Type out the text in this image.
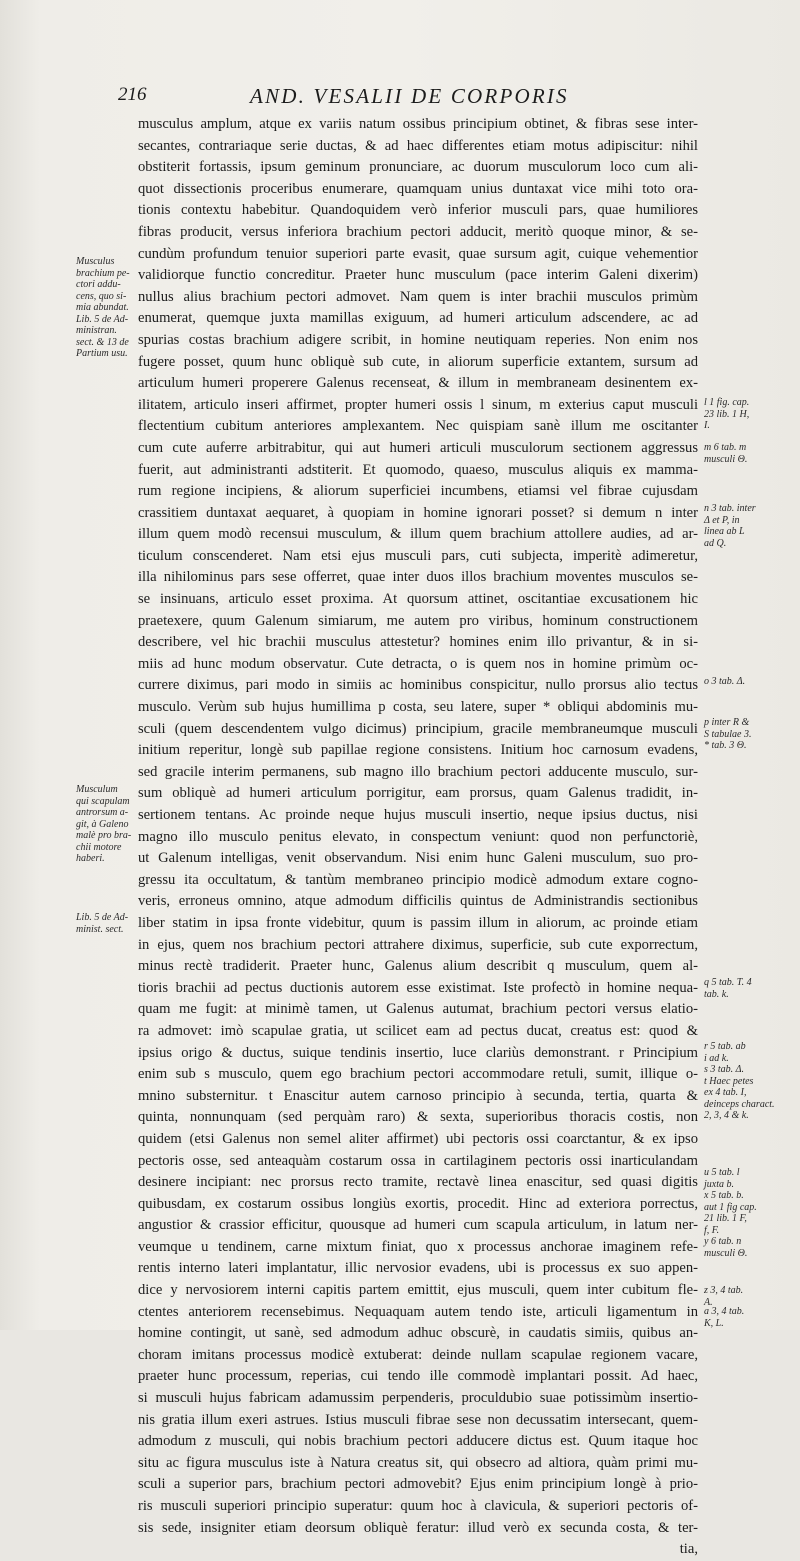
216	AND. VESALII DE CORPORIS
musculus amplum, atque ex variis natum ossibus principium obtinet, & fibras sese inter-
secantes, contrariaque serie ductas, & ad haec differentes etiam motus adipiscitur: nihil
obstiterit fortassis, ipsum geminum pronunciare, ac duorum musculorum loco cum ali-
quot dissectionis proceribus enumerare, quamquam unius duntaxat vice mihi toto ora-
tionis contextu habebitur. Quandoquidem verò inferior musculi pars, quae humiliores
fibras producit, versus inferiora brachium pectori adducit, meritò quoque minor, & se-
cundùm profundum tenuior superiori parte evasit, quae sursum agit, cuique vehementior
validiorque functio concreditur. Praeter hunc musculum (pace interim Galeni dixerim)
nullus alius brachium pectori admovet. Nam quem is inter brachii musculos primùm
enumerat, quemque juxta mamillas exiguum, ad humeri articulum adscendere, ac ad
spurias costas brachium adigere scribit, in homine neutiquam reperies. Non enim nos
fugere posset, quum hunc obliquè sub cute, in aliorum superficie extantem, sursum ad
articulum humeri properere Galenus recenseat, & illum in membraneam desinentem ex-
ilitatem, articulo inseri affirmet, propter humeri ossis l sinum, m exterius caput musculi
flectentium cubitum anteriores amplexantem. Nec quispiam sanè illum me oscitanter
cum cute auferre arbitrabitur, qui aut humeri articuli musculorum sectionem aggressus
fuerit, aut administranti adstiterit. Et quomodo, quaeso, musculus aliquis ex mamma-
rum regione incipiens, & aliorum superficiei incumbens, etiamsi vel fibrae cujusdam
crassitiem duntaxat aequaret, à quopiam in homine ignorari posset? si demum n inter
illum quem modò recensui musculum, & illum quem brachium attollere audies, ad ar-
ticulum conscenderet. Nam etsi ejus musculi pars, cuti subjecta, imperitè adimeretur,
illa nihilominus pars sese offerret, quae inter duos illos brachium moventes musculos se-
se insinuans, articulo esset proxima. At quorsum attinet, oscitantiae excusationem hic
praetexere, quum Galenum simiarum, me autem pro viribus, hominum constructionem
describere, vel hic brachii musculus attestetur? homines enim illo privantur, & in si-
miis ad hunc modum observatur. Cute detracta, o is quem nos in homine primùm oc-
currere diximus, pari modo in simiis ac hominibus conspicitur, nullo prorsus alio tectus
musculo. Verùm sub hujus humillima p costa, seu latere, super * obliqui abdominis mu-
sculi (quem descendentem vulgo dicimus) principium, gracile membraneumque musculi
initium reperitur, longè sub papillae regione consistens. Initium hoc carnosum evadens,
sed gracile interim permanens, sub magno illo brachium pectori adducente musculo, sur-
sum obliquè ad humeri articulum porrigitur, eam prorsus, quam Galenus tradidit, in-
sertionem tentans. Ac proinde neque hujus musculi insertio, neque ipsius ductus, nisi
magno illo musculo penitus elevato, in conspectum veniunt: quod non perfunctoriè,
ut Galenum intelligas, venit observandum. Nisi enim hunc Galeni musculum, suo pro-
gressu ita occultatum, & tantùm membraneo principio modicè admodum extare cogno-
veris, erroneus omnino, atque admodum difficilis quintus de Administrandis sectionibus
liber statim in ipsa fronte videbitur, quum is passim illum in aliorum, ac proinde etiam
in ejus, quem nos brachium pectori attrahere diximus, superficie, sub cute exporrectum,
minus rectè tradiderit. Praeter hunc, Galenus alium describit q musculum, quem al-
tioris brachii ad pectus ductionis autorem esse existimat. Iste profectò in homine nequa-
quam me fugit: at minimè tamen, ut Galenus autumat, brachium pectori versus elatio-
ra admovet: imò scapulae gratia, ut scilicet eam ad pectus ducat, creatus est: quod &
ipsius origo & ductus, suique tendinis insertio, luce clariùs demonstrant. r Principium
enim sub s musculo, quem ego brachium pectori accommodare retuli, sumit, illique o-
mnino substernitur. t Enascitur autem carnoso principio à secunda, tertia, quarta &
quinta, nonnunquam (sed perquàm raro) & sexta, superioribus thoracis costis, non
quidem (etsi Galenus non semel aliter affirmet) ubi pectoris ossi coarctantur, & ex ipso
pectoris osse, sed anteaquàm costarum ossa in cartilaginem pectoris ossi inarticulandam
desinere incipiant: nec prorsus recto tramite, rectavè linea enascitur, sed quasi digitis
quibusdam, ex costarum ossibus longiùs exortis, procedit. Hinc ad exteriora porrectus,
angustior & crassior efficitur, quousque ad humeri cum scapula articulum, in latum ner-
veumque u tendinem, carne mixtum finiat, quo x processus anchorae imaginem refe-
rentis interno lateri implantatur, illic nervosior evadens, ubi is processus ex suo appen-
dice y nervosiorem interni capitis partem emittit, ejus musculi, quem inter cubitum fle-
ctentes anteriorem recensebimus. Nequaquam autem tendo iste, articuli ligamentum in
homine contingit, ut sanè, sed admodum adhuc obscurè, in caudatis simiis, quibus an-
choram imitans processus modicè extuberat: deinde nullam scapulae regionem vacare,
praeter hunc processum, reperias, cui tendo ille commodè implantari possit. Ad haec,
si musculi hujus fabricam adamussim perpenderis, proculdubio suae potissimùm insertio-
nis gratia illum exeri astrues. Istius musculi fibrae sese non decussatim intersecant, quem-
admodum z musculi, qui nobis brachium pectori adducere dictus est. Quum itaque hoc
situ ac figura musculus iste à Natura creatus sit, qui obsecro ad altiora, quàm primi mu-
sculi a superior pars, brachium pectori admovebit? Ejus enim principium longè à prio-
ris musculi superiori principio superatur: quum hoc à clavicula, & superiori pectoris of-
sis sede, insigniter etiam deorsum obliquè feratur: illud verò ex secunda costa, & ter-
tia,
Musculus
brachium pe-
ctori addu-
cens, quo si-
mia abundat.
Lib. 5 de Ad-
ministran.
sect. & 13 de
Partium usu.
Musculum
qui scapulam
antrorsum a-
git, à Galeno
malè pro bra-
chii motore
haberi.
Lib. 5 de Ad-
minist. sect.
l 1 fig. cap.
23 lib. 1 H,
I.
m 6 tab. m
musculi Θ.
n 3 tab. inter
Δ et P, in
linea ab L
ad Q.
o 3 tab. Δ.
p inter R &
S tabulae 3.
* tab. 3 Θ.
q 5 tab. T. 4
tab. k.
r 5 tab. ab
i ad k.
s 3 tab. Δ.
t Haec petes
ex 4 tab. I,
deinceps charact.
2, 3, 4 & k.
u 5 tab. l
juxta b.
x 5 tab. b.
aut 1 fig cap.
21 lib. 1 F,
f, F.
y 6 tab. n
musculi Θ.
z 3, 4 tab.
A.
a 3, 4 tab.
K, L.
